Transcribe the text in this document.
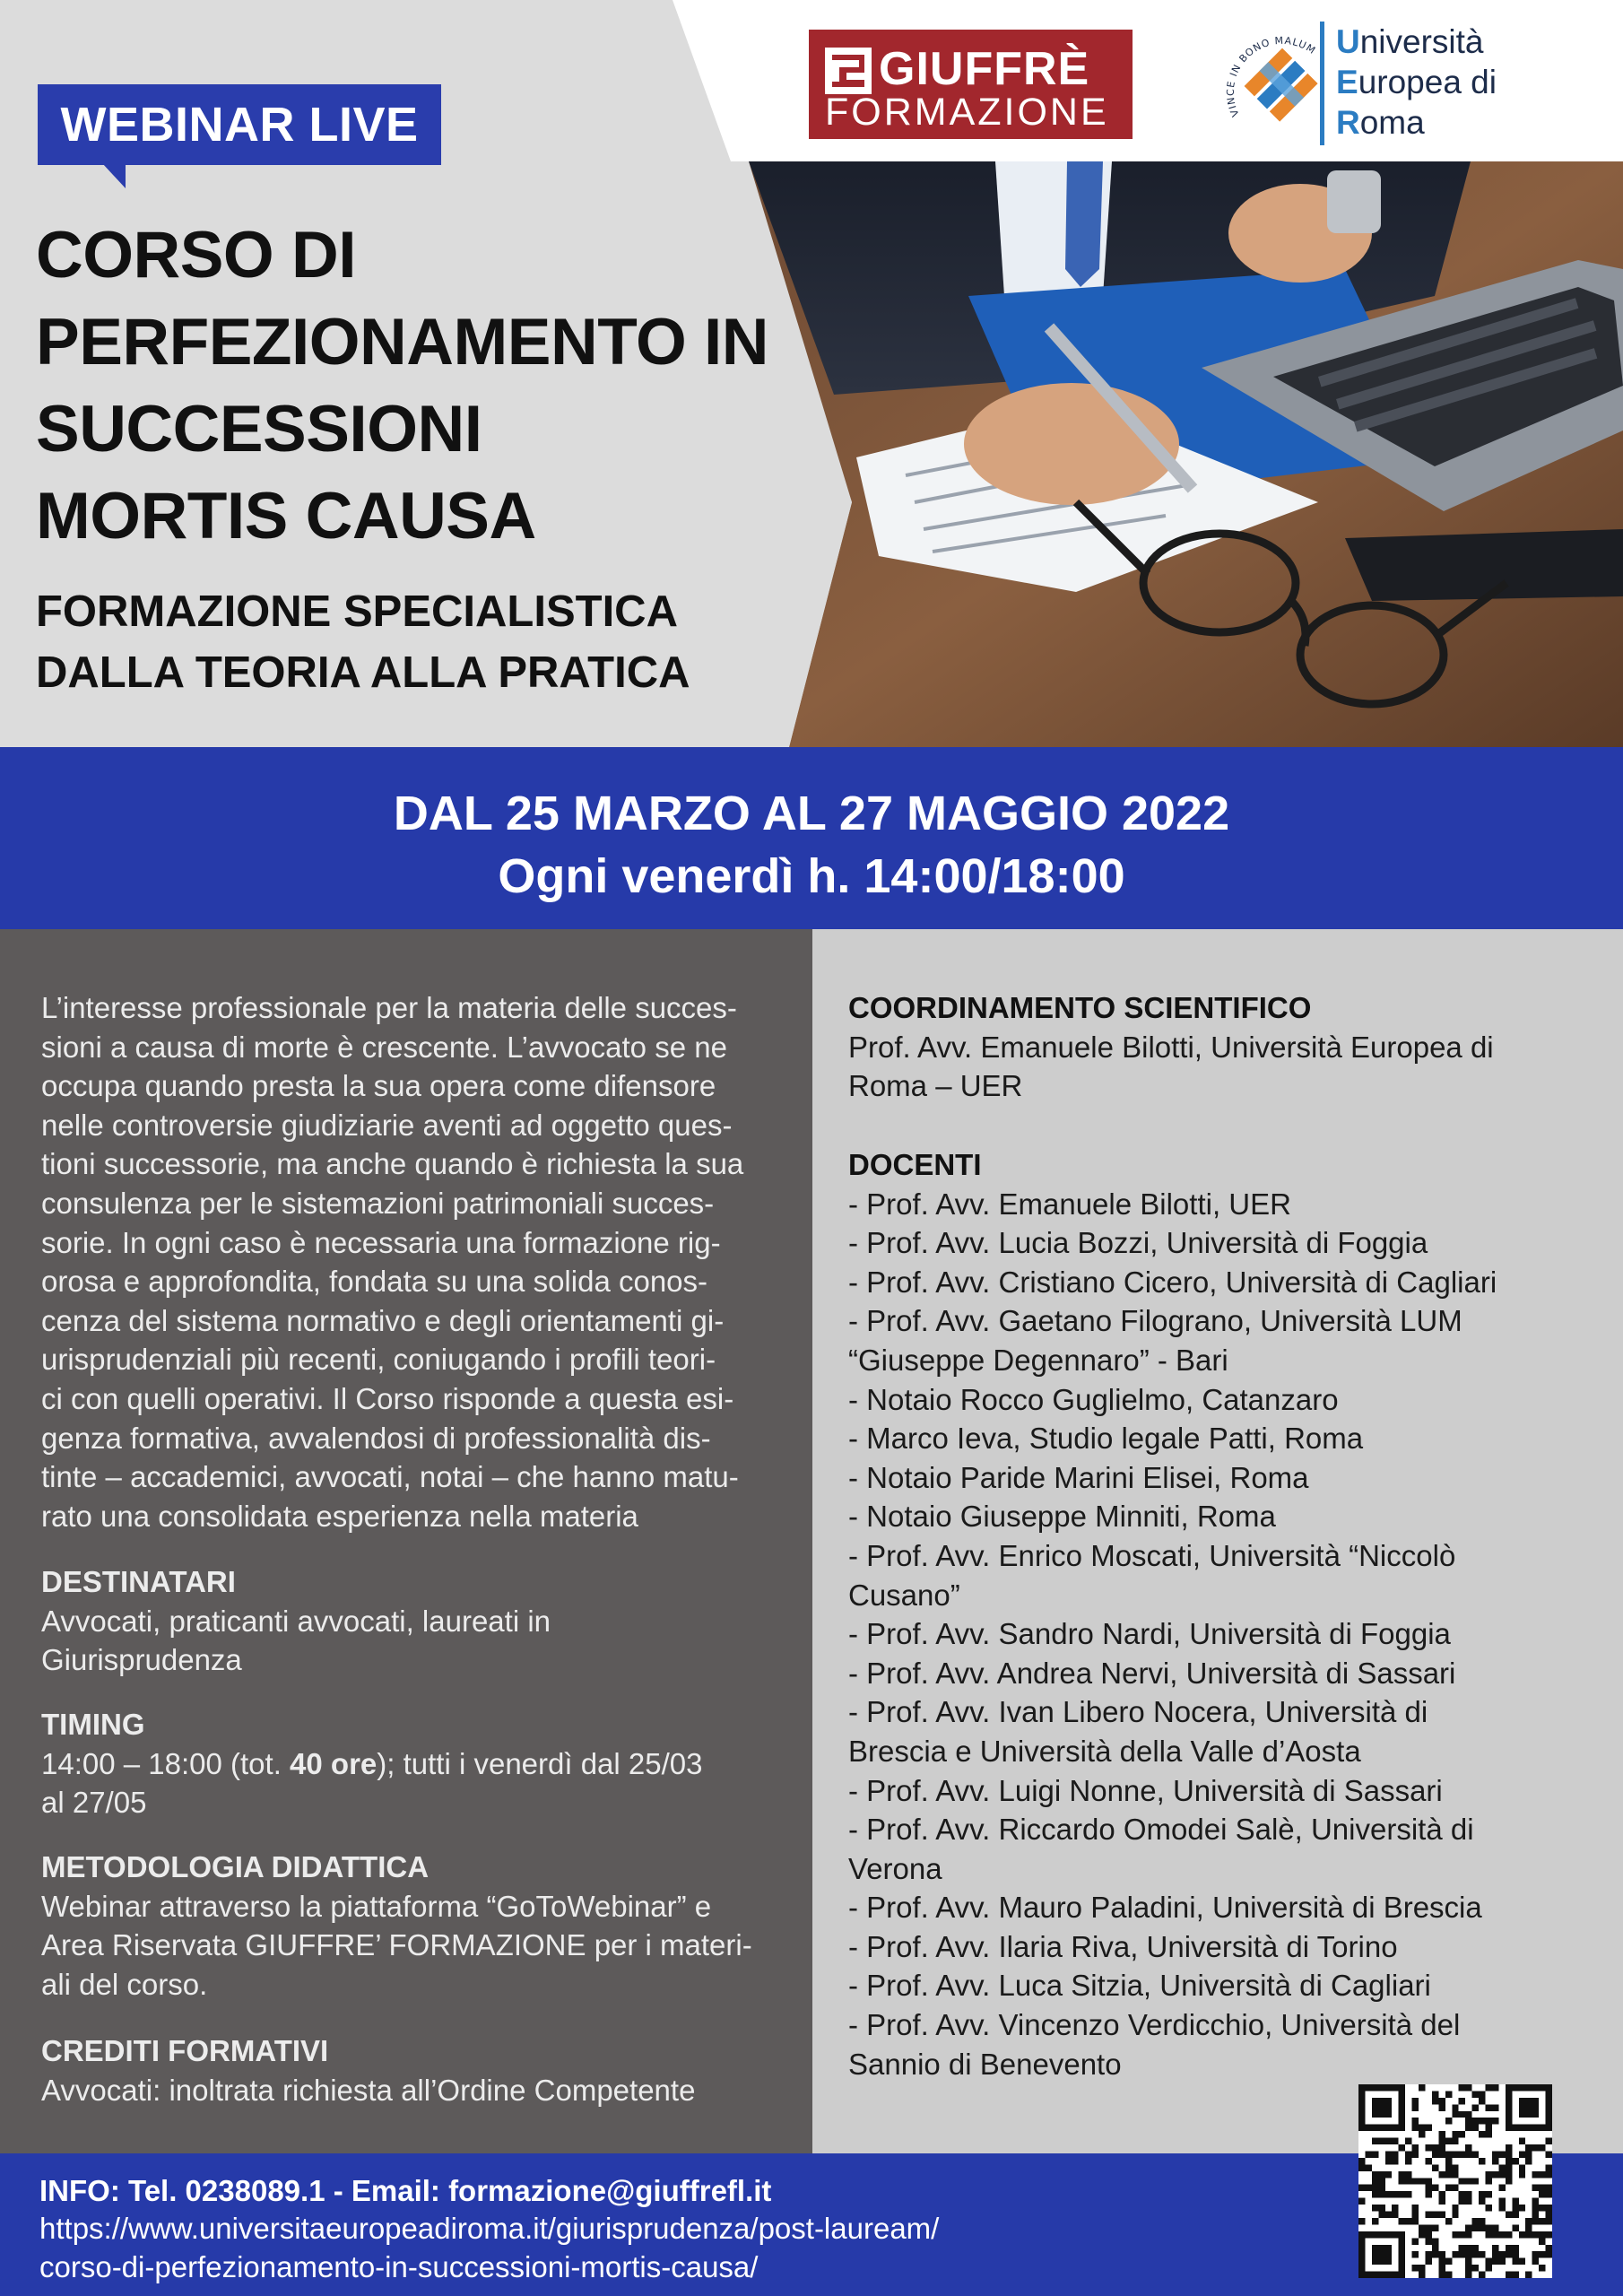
WEBINAR LIVE
CORSO DI
PERFEZIONAMENTO IN
SUCCESSIONI
MORTIS CAUSA
FORMAZIONE SPECIALISTICA
DALLA TEORIA ALLA PRATICA
GIUFFRÈ
FORMAZIONE	VINCE IN BONO MALUM Università
Europea di
Roma
DAL 25 MARZO AL 27 MAGGIO 2022
Ogni venerdì h. 14:00/18:00
L’interesse professionale per la materia delle succes-
sioni a causa di morte è crescente. L’avvocato se ne
occupa quando presta la sua opera come difensore
nelle controversie giudiziarie aventi ad oggetto ques-
tioni successorie, ma anche quando è richiesta la sua
consulenza per le sistemazioni patrimoniali succes-
sorie. In ogni caso è necessaria una formazione rig-
orosa e approfondita, fondata su una solida conos-
cenza del sistema normativo e degli orientamenti gi-
urisprudenziali più recenti, coniugando i profili teori-
ci con quelli operativi. Il Corso risponde a questa esi-
genza formativa, avvalendosi di professionalità dis-
tinte – accademici, avvocati, notai – che hanno matu-
rato una consolidata esperienza nella materia
DESTINATARI
Avvocati, praticanti avvocati, laureati in
Giurisprudenza
TIMING
14:00 – 18:00 (tot. 40 ore); tutti i venerdì dal 25/03
al 27/05
METODOLOGIA DIDATTICA
Webinar attraverso la piattaforma “GoToWebinar” e
Area Riservata GIUFFRE’ FORMAZIONE per i materi-
ali del corso.
CREDITI FORMATIVI
Avvocati: inoltrata richiesta all’Ordine Competente
COORDINAMENTO SCIENTIFICO
Prof. Avv. Emanuele Bilotti, Università Europea di
Roma – UER
DOCENTI
- Prof. Avv. Emanuele Bilotti, UER
- Prof. Avv. Lucia Bozzi, Università di Foggia
- Prof. Avv. Cristiano Cicero, Università di Cagliari
- Prof. Avv. Gaetano Filograno, Università LUM
“Giuseppe Degennaro” - Bari
- Notaio Rocco Guglielmo, Catanzaro
- Marco Ieva, Studio legale Patti, Roma
- Notaio Paride Marini Elisei, Roma
- Notaio Giuseppe Minniti, Roma
- Prof. Avv. Enrico Moscati, Università “Niccolò
Cusano”
- Prof. Avv. Sandro Nardi, Università di Foggia
- Prof. Avv. Andrea Nervi, Università di Sassari
- Prof. Avv. Ivan Libero Nocera, Università di
Brescia e Università della Valle d’Aosta
- Prof. Avv. Luigi Nonne, Università di Sassari
- Prof. Avv. Riccardo Omodei Salè, Università di
Verona
- Prof. Avv. Mauro Paladini, Università di Brescia
- Prof. Avv. Ilaria Riva, Università di Torino
- Prof. Avv. Luca Sitzia, Università di Cagliari
- Prof. Avv. Vincenzo Verdicchio, Università del
Sannio di Benevento
INFO: Tel. 0238089.1 - Email: formazione@giuffrefl.it
https://www.universitaeuropeadiroma.it/giurisprudenza/post-lauream/
corso-di-perfezionamento-in-successioni-mortis-causa/
